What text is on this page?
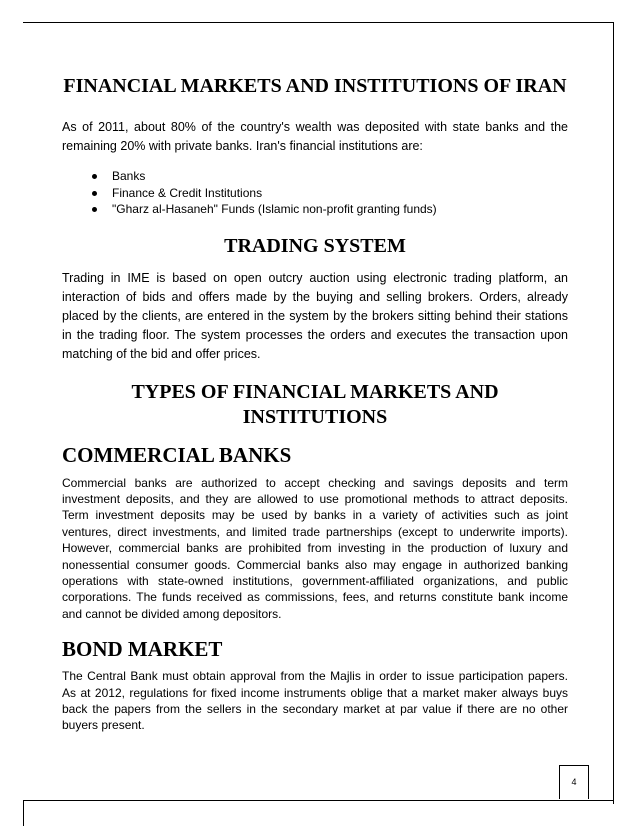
FINANCIAL MARKETS AND INSTITUTIONS OF IRAN

As of 2011, about 80% of the country's wealth was deposited with state banks and the remaining 20% with private banks. Iran's financial institutions are:

Banks
Finance & Credit Institutions
"Gharz al-Hasaneh" Funds (Islamic non-profit granting funds)
TRADING SYSTEM

Trading in IME is based on open outcry auction using electronic trading platform, an interaction of bids and offers made by the buying and selling brokers. Orders, already placed by the clients, are entered in the system by the brokers sitting behind their stations in the trading floor. The system processes the orders and executes the transaction upon matching of the bid and offer prices.

TYPES OF FINANCIAL MARKETS AND INSTITUTIONS
COMMERCIAL BANKS

Commercial banks are authorized to accept checking and savings deposits and term investment deposits, and they are allowed to use promotional methods to attract deposits. Term investment deposits may be used by banks in a variety of activities such as joint ventures, direct investments, and limited trade partnerships (except to underwrite imports). However, commercial banks are prohibited from investing in the production of luxury and nonessential consumer goods. Commercial banks also may engage in authorized banking operations with state-owned institutions, government-affiliated organizations, and public corporations. The funds received as commissions, fees, and returns constitute bank income and cannot be divided among depositors.

BOND MARKET

The Central Bank must obtain approval from the Majlis in order to issue participation papers. As at 2012, regulations for fixed income instruments oblige that a market maker always buys back the papers from the sellers in the secondary market at par value if there are no other buyers present.

4
